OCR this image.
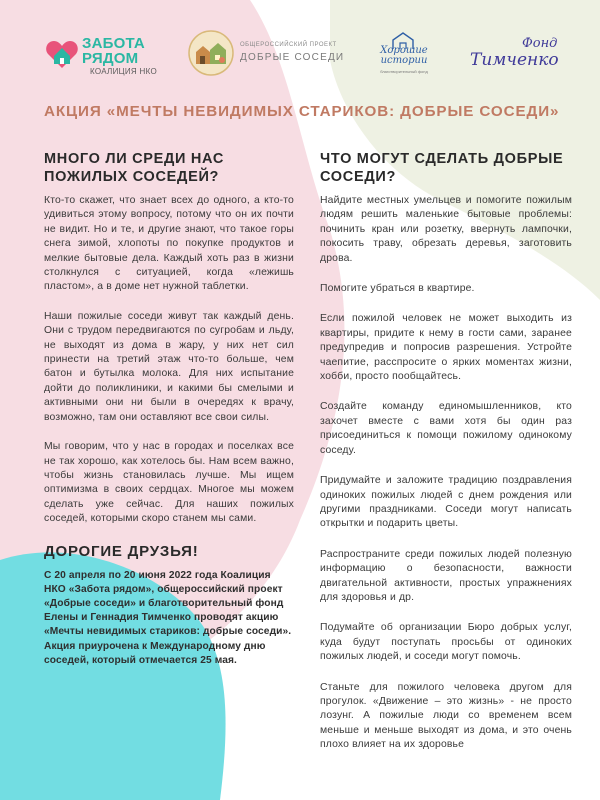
ЗАБОТА
РЯДОМ
КОАЛИЦИЯ НКО
ОБЩЕРОССИЙСКИЙ ПРОЕКТ
ДОБРЫЕ СОСЕДИ
Хорошие
истории
благотворительный фонд
Фонд
Тимченко
АКЦИЯ «МЕЧТЫ НЕВИДИМЫХ СТАРИКОВ: ДОБРЫЕ СОСЕДИ»
МНОГО ЛИ СРЕДИ НАС ПОЖИЛЫХ СОСЕДЕЙ?
Кто-то скажет, что знает всех до одного, а кто-то удивиться этому вопросу, потому что он их почти не видит. Но и те, и другие знают, что такое горы снега зимой, хлопоты по покупке продуктов и мелкие бытовые дела. Каждый хоть раз в жизни столкнулся с ситуацией, когда «лежишь пластом», а в доме нет нужной таблетки.
Наши пожилые соседи живут так каждый день. Они с трудом передвигаются по сугробам и льду, не выходят из дома в жару, у них нет сил принести на третий этаж что-то больше, чем батон и бутылка молока. Для них испытание дойти до поликлиники, и какими бы смелыми и активными они ни были в очередях к врачу, возможно, там они оставляют все свои силы.
Мы говорим, что у нас в городах и поселках все не так хорошо, как хотелось бы. Нам всем важно, чтобы жизнь становилась лучше. Мы ищем оптимизма в своих сердцах. Многое мы можем сделать уже сейчас. Для наших пожилых соседей, которыми скоро станем мы сами.
ДОРОГИЕ ДРУЗЬЯ!
С 20 апреля по 20 июня 2022 года Коалиция НКО «Забота рядом», общероссийский проект «Добрые соседи» и благотворительный фонд Елены и Геннадия Тимченко проводят акцию «Мечты невидимых стариков: добрые соседи».
Акция приурочена к Международному дню соседей, который отмечается 25 мая.
ЧТО МОГУТ СДЕЛАТЬ ДОБРЫЕ СОСЕДИ?
Найдите местных умельцев и помогите пожилым людям решить маленькие бытовые проблемы: починить кран или розетку, ввернуть лампочки, покосить траву, обрезать деревья, заготовить дрова.
Помогите убраться в квартире.
Если пожилой человек не может выходить из квартиры, придите к нему в гости сами, заранее предупредив и попросив разрешения. Устройте чаепитие, расспросите о ярких моментах жизни, хобби, просто пообщайтесь.
Создайте команду единомышленников, кто захочет вместе с вами хотя бы один раз присоединиться к помощи пожилому одинокому соседу.
Придумайте и заложите традицию поздравления одиноких пожилых людей с днем рождения или другими праздниками. Соседи могут написать открытки и подарить цветы.
Распространите среди пожилых людей полезную информацию о безопасности, важности двигательной активности, простых упражнениях для здоровья и др.
Подумайте об организации Бюро добрых услуг, куда будут поступать просьбы от одиноких пожилых людей, и соседи могут помочь.
Станьте для пожилого человека другом для прогулок. «Движение – это жизнь» - не просто лозунг. А пожилые люди со временем всем меньше и меньше выходят из дома, и это очень плохо влияет на их здоровье
